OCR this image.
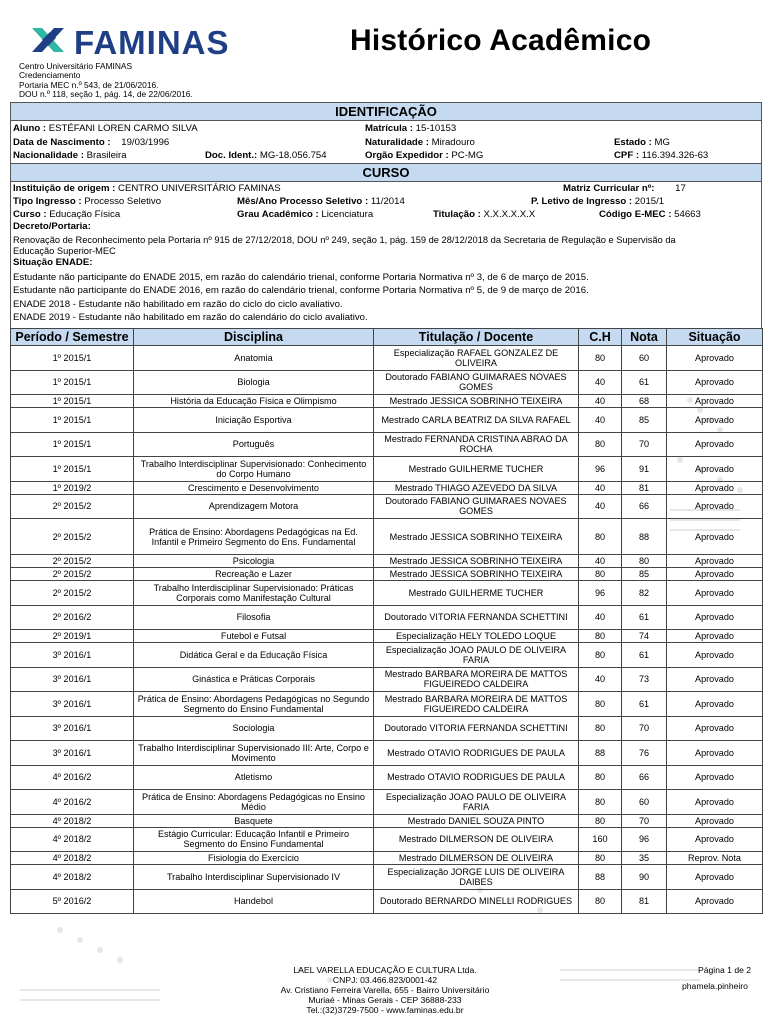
FAMINAS	Histórico Acadêmico
Centro Universitário FAMINAS
Credenciamento
Portaria MEC n.º 543, de 21/06/2016.
DOU n.º 118, seção 1, pág. 14, de 22/06/2016.
IDENTIFICAÇÃO
Aluno : ESTÉFANI LOREN CARMO SILVA	Matrícula : 15-10153
Data de Nascimento : 19/03/1996	Naturalidade : Miradouro	Estado : MG
Nacionalidade : Brasileira	Doc. Ident.: MG-18.056.754	Orgão Expedidor : PC-MG	CPF : 116.394.326-63
CURSO
Instituição de origem : CENTRO UNIVERSITÁRIO FAMINAS	Matriz Curricular nº: 17
Tipo Ingresso : Processo Seletivo	Mês/Ano Processo Seletivo : 11/2014	P. Letivo de Ingresso : 2015/1
Curso : Educação Física	Grau Acadêmico : Licenciatura	Titulação : X.X.X.X.X.X	Código E-MEC : 54663
Decreto/Portaria:
Renovação de Reconhecimento pela Portaria nº 915 de 27/12/2018, DOU nº 249, seção 1, pág. 159 de 28/12/2018 da Secretaria de Regulação e Supervisão da
Educação Superior-MEC
Situação ENADE:
Estudante não participante do ENADE 2015, em razão do calendário trienal, conforme Portaria Normativa nº 3, de 6 de março de 2015.
Estudante não participante do ENADE 2016, em razão do calendário trienal, conforme Portaria Normativa nº 5, de 9 de março de 2016.
ENADE 2018 - Estudante não habilitado em razão do ciclo do ciclo avaliativo.
ENADE 2019 - Estudante não habilitado em razão do calendário do ciclo avaliativo.
Período / Semestre	Disciplina	Titulação / Docente	C.H	Nota	Situação
1º 2015/1	Anatomia	Especialização RAFAEL GONZALEZ DE OLIVEIRA	80	60	Aprovado
1º 2015/1	Biologia	Doutorado FABIANO GUIMARAES NOVAES GOMES	40	61	Aprovado
1º 2015/1	História da Educação Física e Olimpismo	Mestrado JESSICA SOBRINHO TEIXEIRA	40	68	Aprovado
1º 2015/1	Iniciação Esportiva	Mestrado CARLA BEATRIZ DA SILVA RAFAEL	40	85	Aprovado
1º 2015/1	Português	Mestrado FERNANDA CRISTINA ABRAO DA ROCHA	80	70	Aprovado
1º 2015/1	Trabalho Interdisciplinar Supervisionado: Conhecimento do Corpo Humano	Mestrado GUILHERME TUCHER	96	91	Aprovado
1º 2019/2	Crescimento e Desenvolvimento	Mestrado THIAGO AZEVEDO DA SILVA	40	81	Aprovado
2º 2015/2	Aprendizagem Motora	Doutorado FABIANO GUIMARAES NOVAES GOMES	40	66	Aprovado
2º 2015/2	Prática de Ensino: Abordagens Pedagógicas na Ed. Infantil e Primeiro Segmento do Ens. Fundamental	Mestrado JESSICA SOBRINHO TEIXEIRA	80	88	Aprovado
2º 2015/2	Psicologia	Mestrado JESSICA SOBRINHO TEIXEIRA	40	80	Aprovado
2º 2015/2	Recreação e Lazer	Mestrado JESSICA SOBRINHO TEIXEIRA	80	85	Aprovado
2º 2015/2	Trabalho Interdisciplinar Supervisionado: Práticas Corporais como Manifestação Cultural	Mestrado GUILHERME TUCHER	96	82	Aprovado
2º 2016/2	Filosofia	Doutorado VITORIA FERNANDA SCHETTINI	40	61	Aprovado
2º 2019/1	Futebol e Futsal	Especialização HELY TOLEDO LOQUE	80	74	Aprovado
3º 2016/1	Didática Geral e da Educação Física	Especialização JOAO PAULO DE OLIVEIRA FARIA	80	61	Aprovado
3º 2016/1	Ginástica e Práticas Corporais	Mestrado BARBARA MOREIRA DE MATTOS FIGUEIREDO CALDEIRA	40	73	Aprovado
3º 2016/1	Prática de Ensino: Abordagens Pedagógicas no Segundo Segmento do Ensino Fundamental	Mestrado BARBARA MOREIRA DE MATTOS FIGUEIREDO CALDEIRA	80	61	Aprovado
3º 2016/1	Sociologia	Doutorado VITORIA FERNANDA SCHETTINI	80	70	Aprovado
3º 2016/1	Trabalho Interdisciplinar Supervisionado III: Arte, Corpo e Movimento	Mestrado OTAVIO RODRIGUES DE PAULA	88	76	Aprovado
4º 2016/2	Atletismo	Mestrado OTAVIO RODRIGUES DE PAULA	80	66	Aprovado
4º 2016/2	Prática de Ensino: Abordagens Pedagógicas no Ensino Médio	Especialização JOAO PAULO DE OLIVEIRA FARIA	80	60	Aprovado
4º 2018/2	Basquete	Mestrado DANIEL SOUZA PINTO	80	70	Aprovado
4º 2018/2	Estágio Curricular: Educação Infantil e Primeiro Segmento do Ensino Fundamental	Mestrado DILMERSON DE OLIVEIRA	160	96	Aprovado
4º 2018/2	Fisiologia do Exercício	Mestrado DILMERSON DE OLIVEIRA	80	35	Reprov. Nota
4º 2018/2	Trabalho Interdisciplinar Supervisionado IV	Especialização JORGE LUIS DE OLIVEIRA DAIBES	88	90	Aprovado
5º 2016/2	Handebol	Doutorado BERNARDO MINELLI RODRIGUES	80	81	Aprovado
LAEL VARELLA EDUCAÇÃO E CULTURA Ltda.
CNPJ: 03.466.823/0001-42
Av. Cristiano Ferreira Varella, 655 - Bairro Universitário
Muriaé - Minas Gerais - CEP 36888-233
Tel.:(32)3729-7500 - www.faminas.edu.br
Página 1 de 2
phamela.pinheiro
